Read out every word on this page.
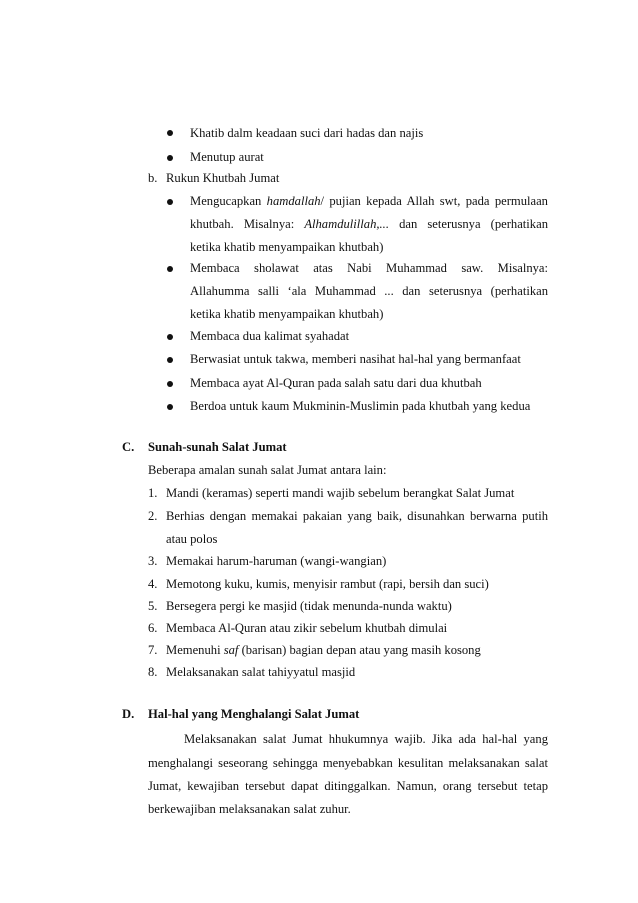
Khatib dalm keadaan suci dari hadas dan najis
Menutup aurat
b. Rukun Khutbah Jumat
Mengucapkan hamdallah/ pujian kepada Allah swt, pada permulaan
khutbah. Misalnya: Alhamdulillah,... dan seterusnya (perhatikan
ketika khatib menyampaikan khutbah)
Membaca sholawat atas Nabi Muhammad saw. Misalnya:
Allahumma salli ‘ala Muhammad ... dan seterusnya (perhatikan
ketika khatib menyampaikan khutbah)
Membaca dua kalimat syahadat
Berwasiat untuk takwa, memberi nasihat hal-hal yang bermanfaat
Membaca ayat Al-Quran pada salah satu dari dua khutbah
Berdoa untuk kaum Mukminin-Muslimin pada khutbah yang kedua
C. Sunah-sunah Salat Jumat
Beberapa amalan sunah salat Jumat antara lain:
1. Mandi (keramas) seperti mandi wajib sebelum berangkat Salat Jumat
2. Berhias dengan memakai pakaian yang baik, disunahkan berwarna putih
atau polos
3. Memakai harum-haruman (wangi-wangian)
4. Memotong kuku, kumis, menyisir rambut (rapi, bersih dan suci)
5. Bersegera pergi ke masjid (tidak menunda-nunda waktu)
6. Membaca Al-Quran atau zikir sebelum khutbah dimulai
7. Memenuhi saf (barisan) bagian depan atau yang masih kosong
8. Melaksanakan salat tahiyyatul masjid
D. Hal-hal yang Menghalangi Salat Jumat
Melaksanakan salat Jumat hhukumnya wajib. Jika ada hal-hal yang
menghalangi seseorang sehingga menyebabkan kesulitan melaksanakan salat
Jumat, kewajiban tersebut dapat ditinggalkan. Namun, orang tersebut tetap
berkewajiban melaksanakan salat zuhur.
